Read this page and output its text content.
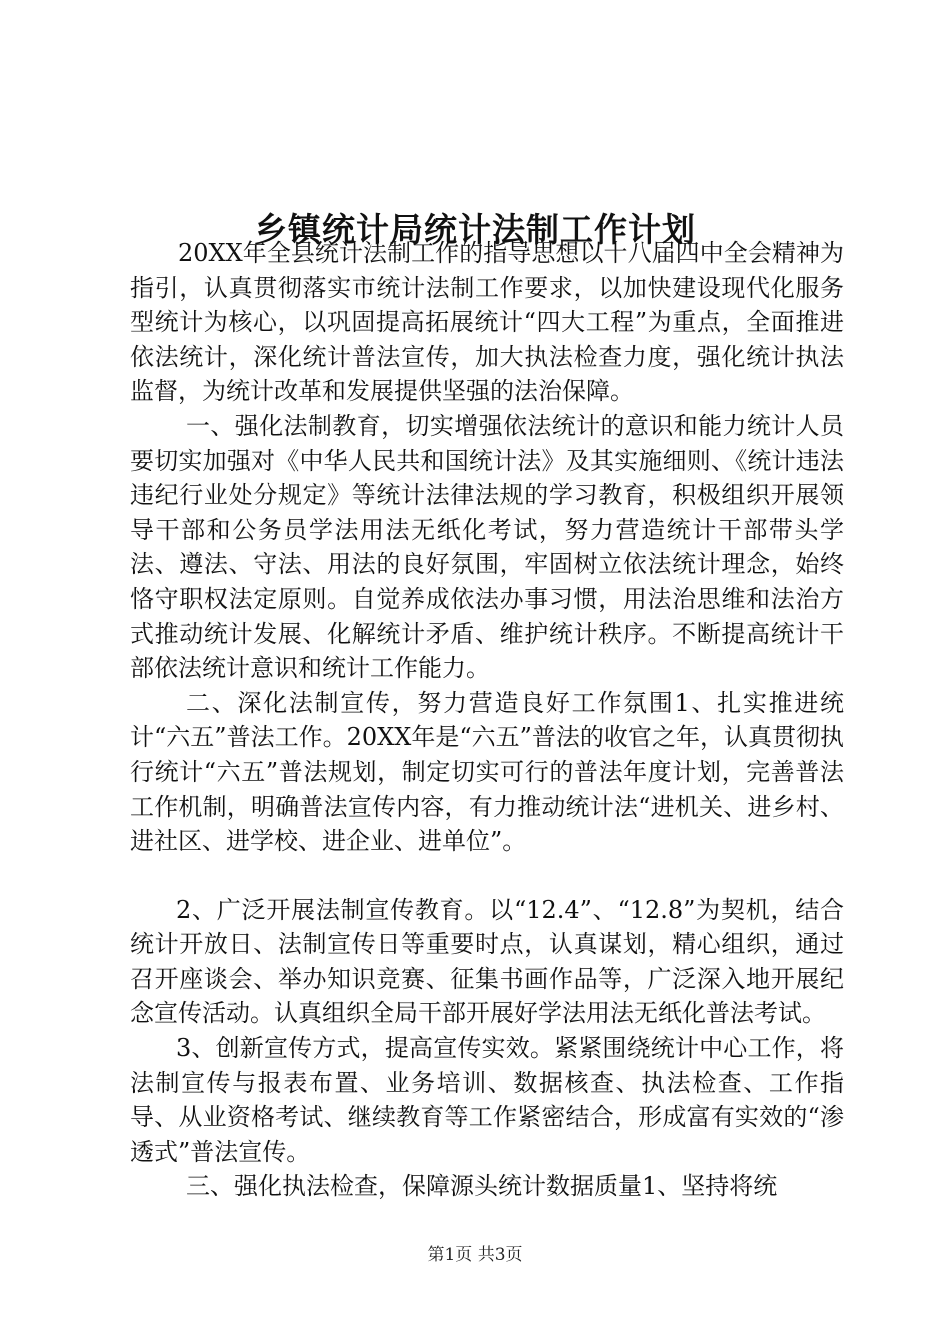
乡镇统计局统计法制工作计划

20XX年全县统计法制工作的指导思想以十八届四中全会精神为指引，认真贯彻落实市统计法制工作要求，以加快建设现代化服务型统计为核心，以巩固提高拓展统计“四大工程”为重点，全面推进依法统计，深化统计普法宣传，加大执法检查力度，强化统计执法监督，为统计改革和发展提供坚强的法治保障。

一、强化法制教育，切实增强依法统计的意识和能力统计人员要切实加强对《中华人民共和国统计法》及其实施细则、《统计违法违纪行业处分规定》等统计法律法规的学习教育，积极组织开展领导干部和公务员学法用法无纸化考试，努力营造统计干部带头学法、遵法、守法、用法的良好氛围，牢固树立依法统计理念，始终恪守职权法定原则。自觉养成依法办事习惯，用法治思维和法治方式推动统计发展、化解统计矛盾、维护统计秩序。不断提高统计干部依法统计意识和统计工作能力。

二、深化法制宣传，努力营造良好工作氛围1、扎实推进统计“六五”普法工作。20XX年是“六五”普法的收官之年，认真贯彻执行统计“六五”普法规划，制定切实可行的普法年度计划，完善普法工作机制，明确普法宣传内容，有力推动统计法“进机关、进乡村、进社区、进学校、进企业、进单位”。

2、广泛开展法制宣传教育。以“12.4”、“12.8”为契机，结合统计开放日、法制宣传日等重要时点，认真谋划，精心组织，通过召开座谈会、举办知识竞赛、征集书画作品等，广泛深入地开展纪念宣传活动。认真组织全局干部开展好学法用法无纸化普法考试。

3、创新宣传方式，提高宣传实效。紧紧围绕统计中心工作，将法制宣传与报表布置、业务培训、数据核查、执法检查、工作指导、从业资格考试、继续教育等工作紧密结合，形成富有实效的“渗透式”普法宣传。

三、强化执法检查，保障源头统计数据质量1、坚持将统

第1页 共3页
